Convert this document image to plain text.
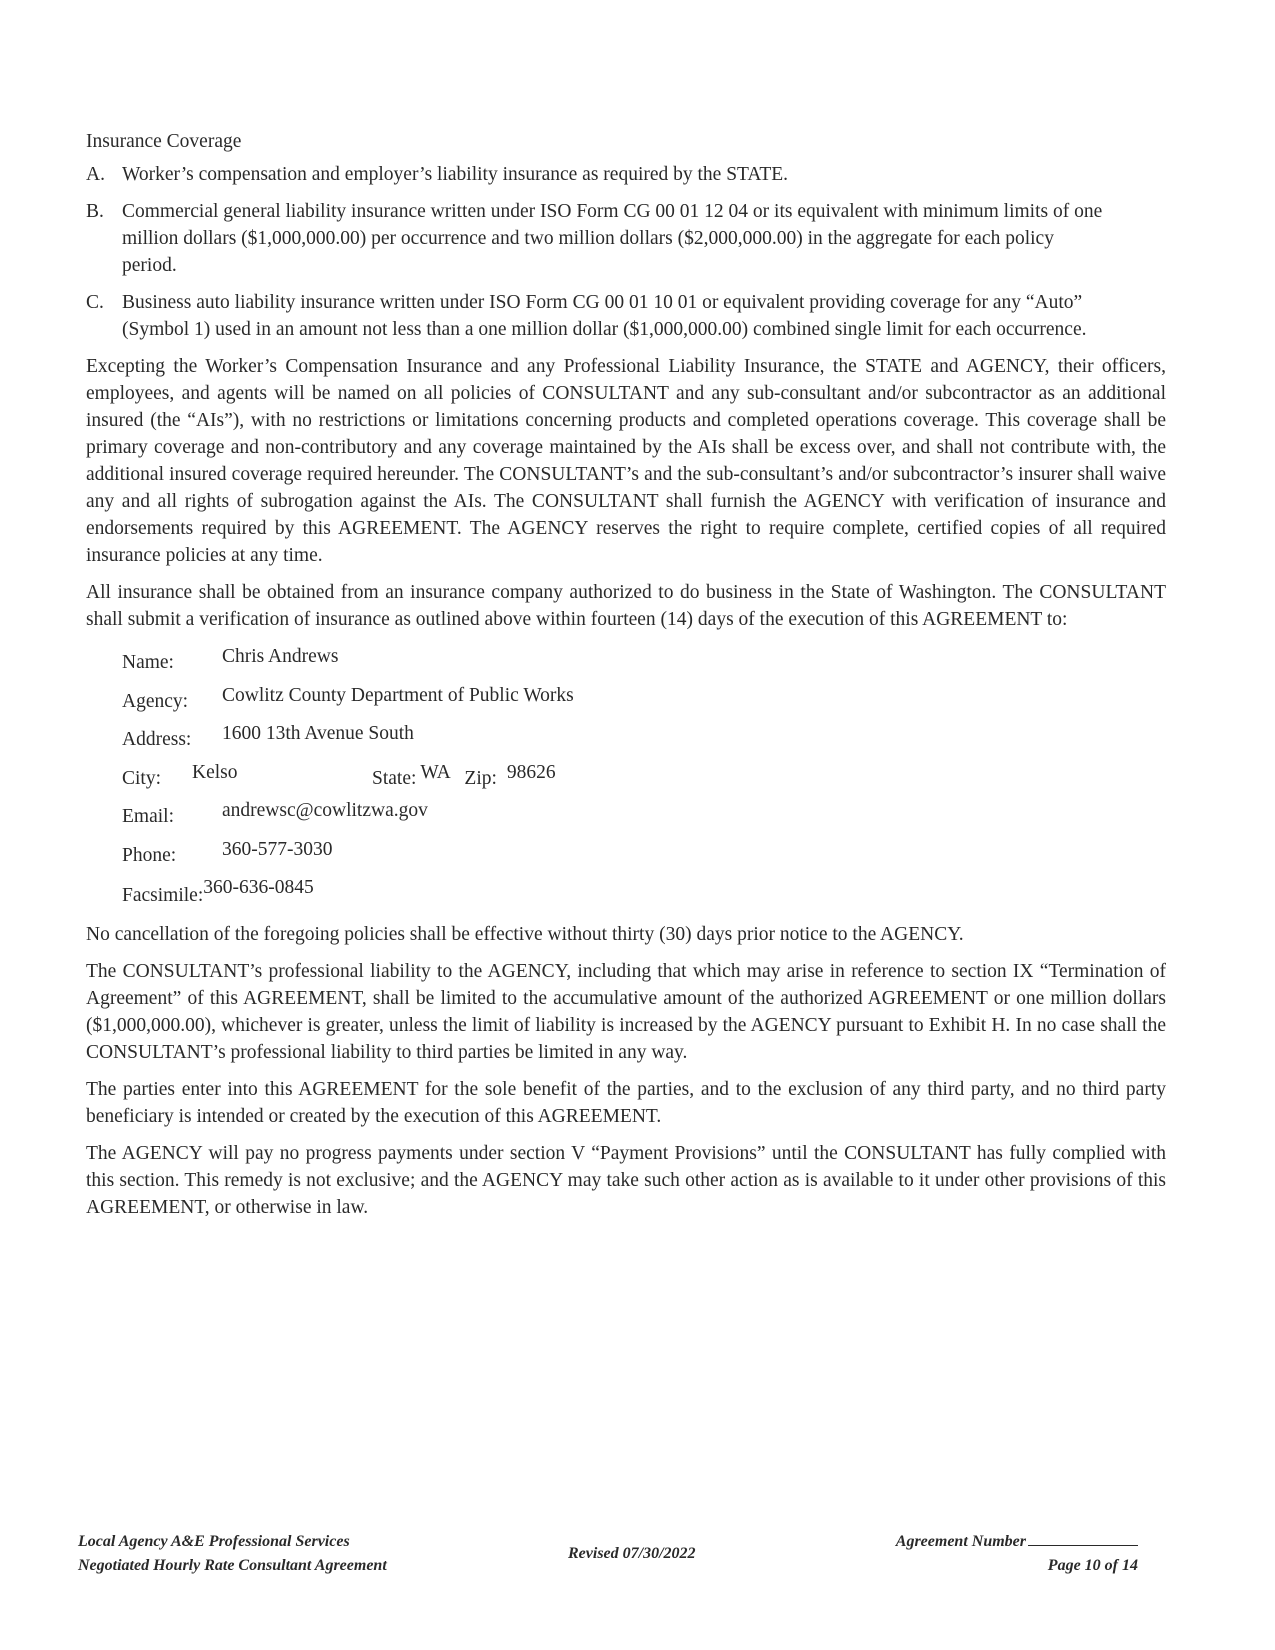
Insurance Coverage
A. Worker’s compensation and employer’s liability insurance as required by the STATE.
B. Commercial general liability insurance written under ISO Form CG 00 01 12 04 or its equivalent with minimum limits of one million dollars ($1,000,000.00) per occurrence and two million dollars ($2,000,000.00) in the aggregate for each policy period.
C. Business auto liability insurance written under ISO Form CG 00 01 10 01 or equivalent providing coverage for any “Auto” (Symbol 1) used in an amount not less than a one million dollar ($1,000,000.00) combined single limit for each occurrence.

Excepting the Worker’s Compensation Insurance and any Professional Liability Insurance, the STATE and AGENCY, their officers, employees, and agents will be named on all policies of CONSULTANT and any sub-consultant and/or subcontractor as an additional insured (the “AIs”), with no restrictions or limitations concerning products and completed operations coverage. This coverage shall be primary coverage and non-contributory and any coverage maintained by the AIs shall be excess over, and shall not contribute with, the additional insured coverage required hereunder. The CONSULTANT’s and the sub-consultant’s and/or subcontractor’s insurer shall waive any and all rights of subrogation against the AIs. The CONSULTANT shall furnish the AGENCY with verification of insurance and endorsements required by this AGREEMENT. The AGENCY reserves the right to require complete, certified copies of all required insurance policies at any time.

All insurance shall be obtained from an insurance company authorized to do business in the State of Washington. The CONSULTANT shall submit a verification of insurance as outlined above within fourteen (14) days of the execution of this AGREEMENT to:

Name:	Chris Andrews
Agency:	Cowlitz County Department of Public Works
Address:	1600 13th Avenue South
City:	Kelso	State: WA Zip: 98626
Email:	andrewsc@cowlitzwa.gov
Phone:	360-577-3030
Facsimile: 360-636-0845

No cancellation of the foregoing policies shall be effective without thirty (30) days prior notice to the AGENCY.

The CONSULTANT’s professional liability to the AGENCY, including that which may arise in reference to section IX “Termination of Agreement” of this AGREEMENT, shall be limited to the accumulative amount of the authorized AGREEMENT or one million dollars ($1,000,000.00), whichever is greater, unless the limit of liability is increased by the AGENCY pursuant to Exhibit H. In no case shall the CONSULTANT’s professional liability to third parties be limited in any way.

The parties enter into this AGREEMENT for the sole benefit of the parties, and to the exclusion of any third party, and no third party beneficiary is intended or created by the execution of this AGREEMENT.

The AGENCY will pay no progress payments under section V “Payment Provisions” until the CONSULTANT has fully complied with this section. This remedy is not exclusive; and the AGENCY may take such other action as is available to it under other provisions of this AGREEMENT, or otherwise in law.

Local Agency A&E Professional Services
Negotiated Hourly Rate Consultant Agreement
Revised 07/30/2022
Agreement Number
Page 10 of 14
